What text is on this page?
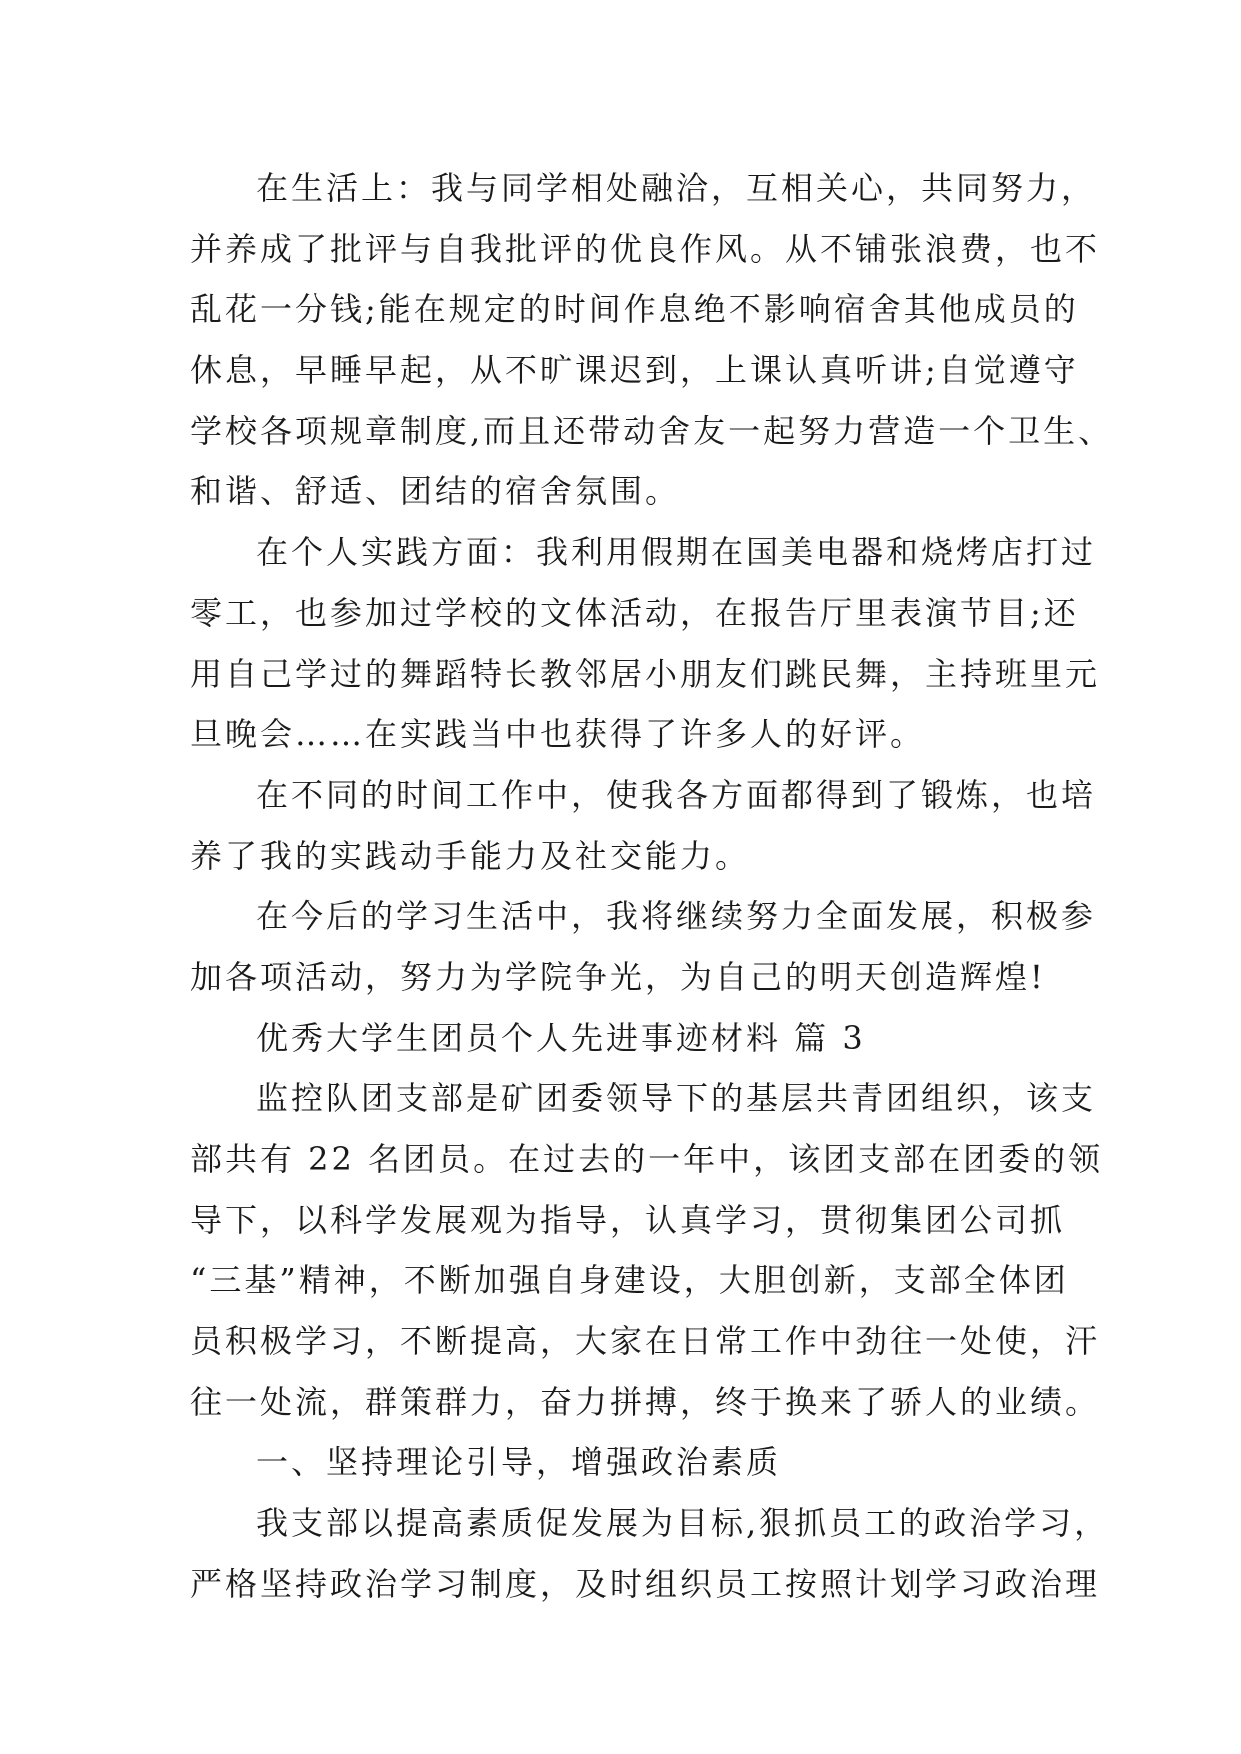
在生活上：我与同学相处融洽，互相关心，共同努力，
并养成了批评与自我批评的优良作风。从不铺张浪费，也不
乱花一分钱;能在规定的时间作息绝不影响宿舍其他成员的
休息，早睡早起，从不旷课迟到，上课认真听讲;自觉遵守
学校各项规章制度,而且还带动舍友一起努力营造一个卫生、
和谐、舒适、团结的宿舍氛围。
在个人实践方面：我利用假期在国美电器和烧烤店打过
零工，也参加过学校的文体活动，在报告厅里表演节目;还
用自己学过的舞蹈特长教邻居小朋友们跳民舞，主持班里元
旦晚会……在实践当中也获得了许多人的好评。
在不同的时间工作中，使我各方面都得到了锻炼，也培
养了我的实践动手能力及社交能力。
在今后的学习生活中，我将继续努力全面发展，积极参
加各项活动，努力为学院争光，为自己的明天创造辉煌!
优秀大学生团员个人先进事迹材料 篇 3
监控队团支部是矿团委领导下的基层共青团组织，该支
部共有 22 名团员。在过去的一年中，该团支部在团委的领
导下，以科学发展观为指导，认真学习，贯彻集团公司抓
“三基”精神，不断加强自身建设，大胆创新，支部全体团
员积极学习，不断提高，大家在日常工作中劲往一处使，汗
往一处流，群策群力，奋力拼搏，终于换来了骄人的业绩。
一、坚持理论引导，增强政治素质
我支部以提高素质促发展为目标,狠抓员工的政治学习，
严格坚持政治学习制度，及时组织员工按照计划学习政治理
